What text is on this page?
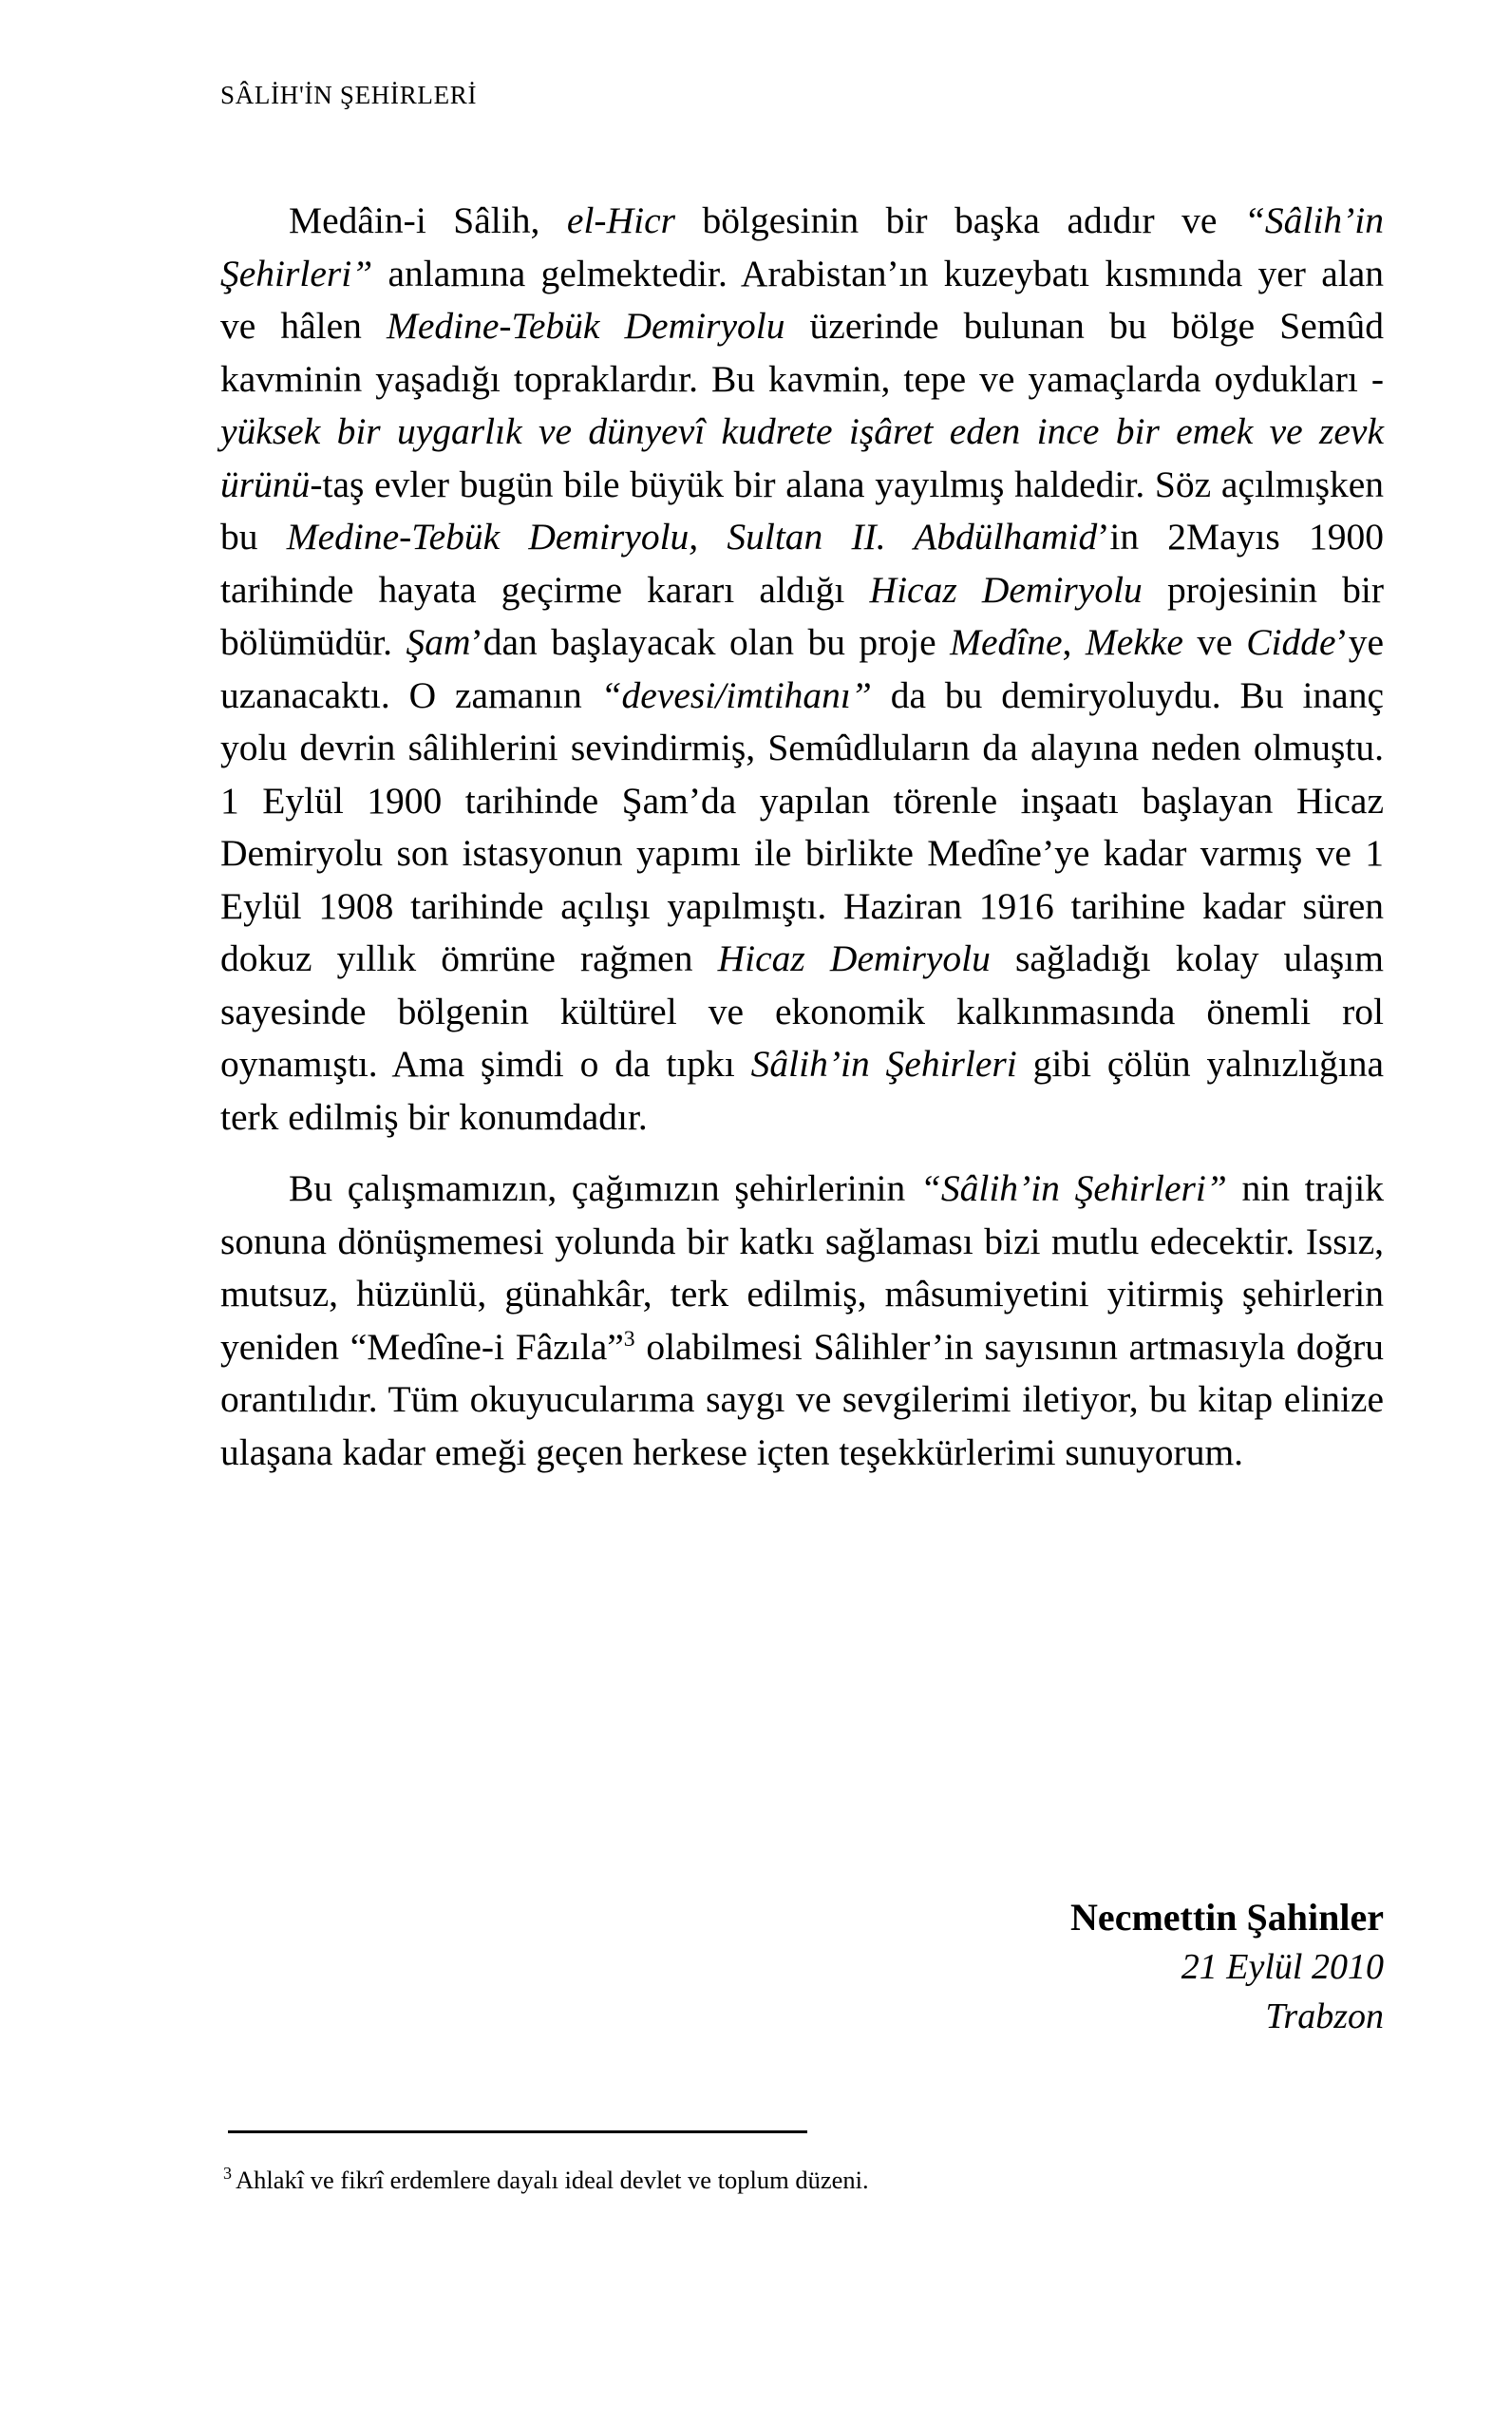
SÂLİH'İN ŞEHİRLERİ

Medâin-i Sâlih, el-Hicr bölgesinin bir başka adıdır ve “Sâlih’in Şehirleri” anlamına gelmektedir. Arabistan’ın kuzeybatı kısmında yer alan ve hâlen Medine-Tebük Demiryolu üzerinde bulunan bu bölge Semûd kavminin yaşadığı topraklardır. Bu kavmin, tepe ve yamaçlarda oydukları -yüksek bir uygarlık ve dünyevî kudrete işâret eden ince bir emek ve zevk ürünü-taş evler bugün bile büyük bir alana yayılmış haldedir. Söz açılmışken bu Medine-Tebük Demiryolu, Sultan II. Abdülhamid’in 2Mayıs 1900 tarihinde hayata geçirme kararı aldığı Hicaz Demiryolu projesinin bir bölümüdür. Şam’dan başlayacak olan bu proje Medîne, Mekke ve Cidde’ye uzanacaktı. O zamanın “devesi/imtihanı” da bu demiryoluydu. Bu inanç yolu devrin sâlihlerini sevindirmiş, Semûdluların da alayına neden olmuştu. 1 Eylül 1900 tarihinde Şam’da yapılan törenle inşaatı başlayan Hicaz Demiryolu son istasyonun yapımı ile birlikte Medîne’ye kadar varmış ve 1 Eylül 1908 tarihinde açılışı yapılmıştı. Haziran 1916 tarihine kadar süren dokuz yıllık ömrüne rağmen Hicaz Demiryolu sağladığı kolay ulaşım sayesinde bölgenin kültürel ve ekonomik kalkınmasında önemli rol oynamıştı. Ama şimdi o da tıpkı Sâlih’in Şehirleri gibi çölün yalnızlığına terk edilmiş bir konumdadır.

Bu çalışmamızın, çağımızın şehirlerinin “Sâlih’in Şehirleri” nin trajik sonuna dönüşmemesi yolunda bir katkı sağlaması bizi mutlu edecektir. Issız, mutsuz, hüzünlü, günahkâr, terk edilmiş, mâsumiyetini yitirmiş şehirlerin yeniden “Medîne-i Fâzıla”$^3$ olabilmesi Sâlihler’in sayısının artmasıyla doğru orantılıdır. Tüm okuyucularıma saygı ve sevgilerimi iletiyor, bu kitap elinize ulaşana kadar emeği geçen herkese içten teşekkürlerimi sunuyorum.

Necmettin Şahinler
21 Eylül 2010
Trabzon
$^3$ Ahlakî ve fikrî erdemlere dayalı ideal devlet ve toplum düzeni.
